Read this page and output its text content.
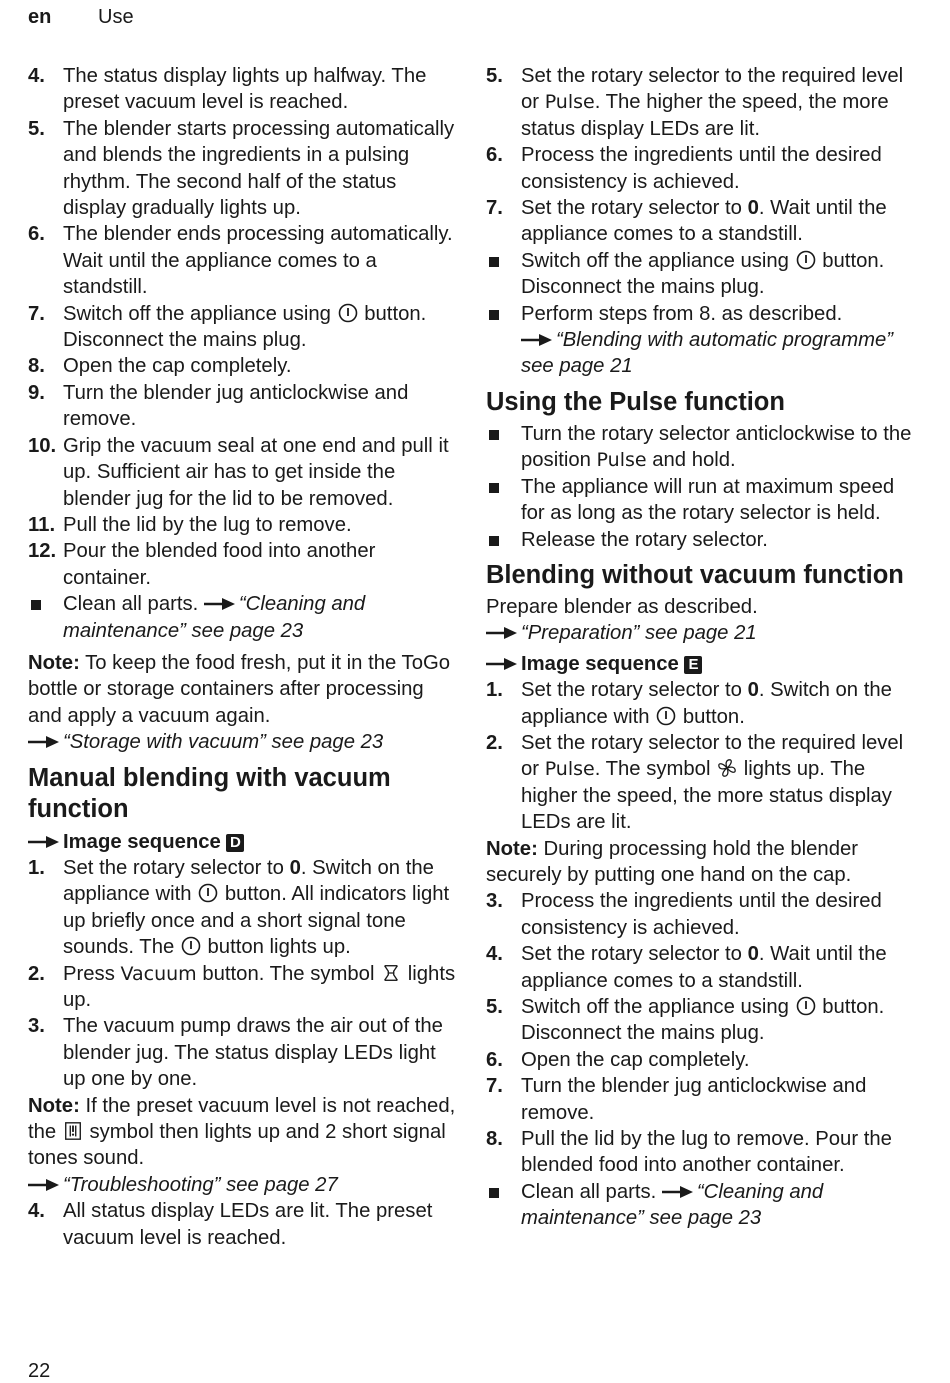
en Use
4. The status display lights up halfway. The preset vacuum level is reached.
5. The blender starts processing automatically and blends the ingredients in a pulsing rhythm. The second half of the status display gradually lights up.
6. The blender ends processing automatically. Wait until the appliance comes to a standstill.
7. Switch off the appliance using button. Disconnect the mains plug.
8. Open the cap completely.
9. Turn the blender jug anticlockwise and remove.
10. Grip the vacuum seal at one end and pull it up. Sufficient air has to get inside the blender jug for the lid to be removed.
11. Pull the lid by the lug to remove.
12. Pour the blended food into another container.
Clean all parts. “Cleaning and maintenance” see page 23
Note: To keep the food fresh, put it in the ToGo bottle or storage containers after processing and apply a vacuum again.
“Storage with vacuum” see page 23
Manual blending with vacuum function
Image sequence D
1. Set the rotary selector to 0. Switch on the appliance with button. All indicators light up briefly once and a short signal tone sounds. The button lights up.
2. Press Vacuum button. The symbol lights up.
3. The vacuum pump draws the air out of the blender jug. The status display LEDs light up one by one.
Note: If the preset vacuum level is not reached, the symbol then lights up and 2 short signal tones sound.
“Troubleshooting” see page 27
4. All status display LEDs are lit. The preset vacuum level is reached.
5. Set the rotary selector to the required level or Pulse. The higher the speed, the more status display LEDs are lit.
6. Process the ingredients until the desired consistency is achieved.
7. Set the rotary selector to 0. Wait until the appliance comes to a standstill.
Switch off the appliance using button. Disconnect the mains plug.
Perform steps from 8. as described.
“Blending with automatic programme” see page 21
Using the Pulse function
Turn the rotary selector anticlockwise to the position Pulse and hold.
The appliance will run at maximum speed for as long as the rotary selector is held.
Release the rotary selector.
Blending without vacuum function
Prepare blender as described.
“Preparation” see page 21
Image sequence E
1. Set the rotary selector to 0. Switch on the appliance with button.
2. Set the rotary selector to the required level or Pulse. The symbol lights up. The higher the speed, the more status display LEDs are lit.
Note: During processing hold the blender securely by putting one hand on the cap.
3. Process the ingredients until the desired consistency is achieved.
4. Set the rotary selector to 0. Wait until the appliance comes to a standstill.
5. Switch off the appliance using button. Disconnect the mains plug.
6. Open the cap completely.
7. Turn the blender jug anticlockwise and remove.
8. Pull the lid by the lug to remove. Pour the blended food into another container.
Clean all parts. “Cleaning and maintenance” see page 23
22
